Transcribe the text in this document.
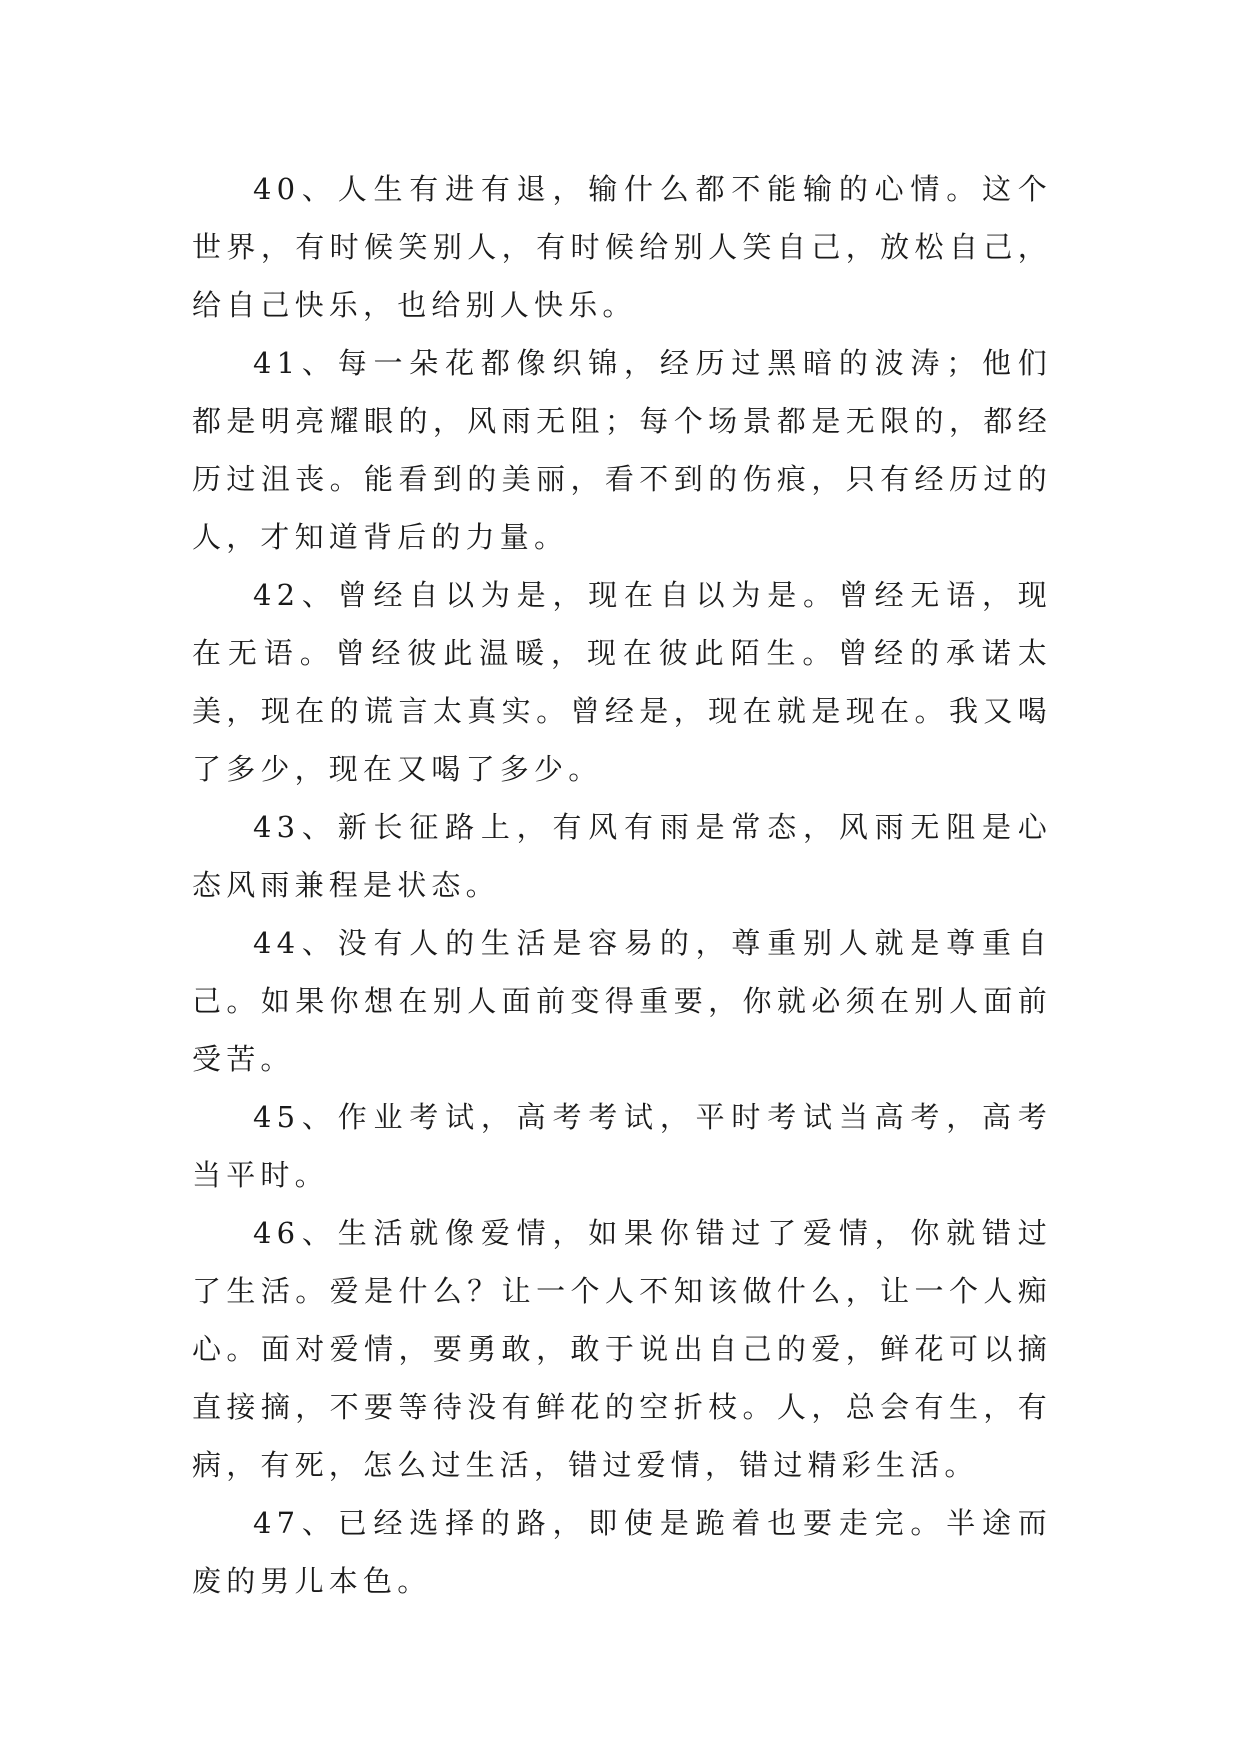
40、人生有进有退，输什么都不能输的心情。这个世界，有时候笑别人，有时候给别人笑自己，放松自己，给自己快乐，也给别人快乐。

41、每一朵花都像织锦，经历过黑暗的波涛；他们都是明亮耀眼的，风雨无阻；每个场景都是无限的，都经历过沮丧。能看到的美丽，看不到的伤痕，只有经历过的人，才知道背后的力量。

42、曾经自以为是，现在自以为是。曾经无语，现在无语。曾经彼此温暖，现在彼此陌生。曾经的承诺太美，现在的谎言太真实。曾经是，现在就是现在。我又喝了多少，现在又喝了多少。

43、新长征路上，有风有雨是常态，风雨无阻是心态风雨兼程是状态。

44、没有人的生活是容易的，尊重别人就是尊重自己。如果你想在别人面前变得重要，你就必须在别人面前受苦。

45、作业考试，高考考试，平时考试当高考，高考当平时。

46、生活就像爱情，如果你错过了爱情，你就错过了生活。爱是什么？让一个人不知该做什么，让一个人痴心。面对爱情，要勇敢，敢于说出自己的爱，鲜花可以摘直接摘，不要等待没有鲜花的空折枝。人，总会有生，有病，有死，怎么过生活，错过爱情，错过精彩生活。

47、已经选择的路，即使是跪着也要走完。半途而废的男儿本色。
